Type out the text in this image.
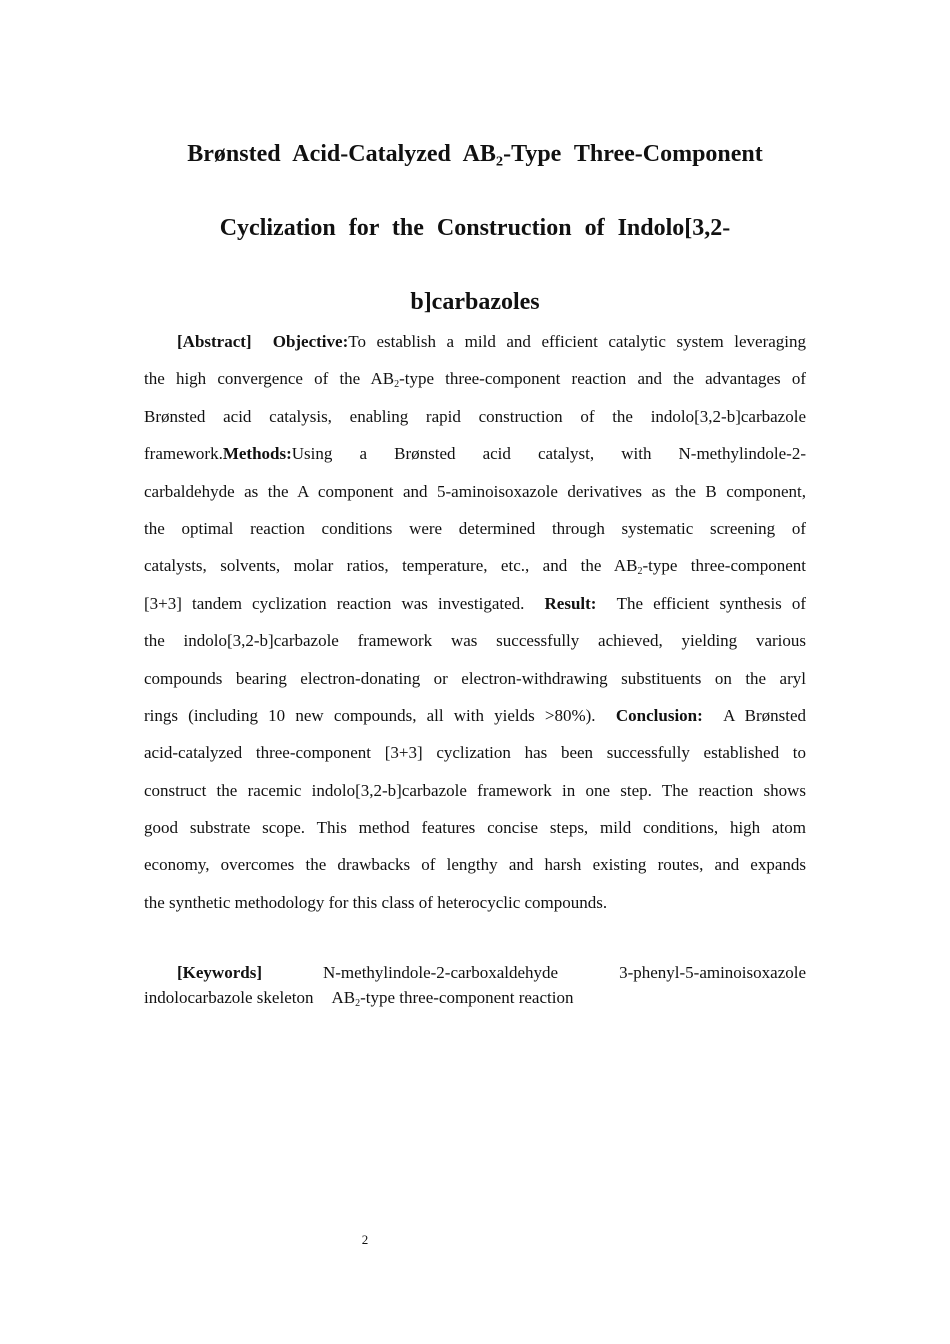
Brønsted Acid-Catalyzed AB₂-Type Three-Component
Cyclization for the Construction of Indolo[3,2-
b]carbazoles
[Abstract] Objective:To establish a mild and efficient catalytic system leveraging
the high convergence of the $AB_2$-type three-component reaction and the advantages of
Brønsted acid catalysis, enabling rapid construction of the indolo[3,2-b]carbazole
framework.Methods:Using a Brønsted acid catalyst, with N-methylindole-2-
carbaldehyde as the A component and 5-aminoisoxazole derivatives as the B component,
the optimal reaction conditions were determined through systematic screening of
catalysts, solvents, molar ratios, temperature, etc., and the $AB_2$-type three-component
[3+3] tandem cyclization reaction was investigated. Result: The efficient synthesis of
the indolo[3,2-b]carbazole framework was successfully achieved, yielding various
compounds bearing electron-donating or electron-withdrawing substituents on the aryl
rings (including 10 new compounds, all with yields >80%). Conclusion: A Brønsted
acid-catalyzed three-component [3+3] cyclization has been successfully established to
construct the racemic indolo[3,2-b]carbazole framework in one step. The reaction shows
good substrate scope. This method features concise steps, mild conditions, high atom
economy, overcomes the drawbacks of lengthy and harsh existing routes, and expands
the synthetic methodology for this class of heterocyclic compounds.
[Keywords]	N-methylindole-2-carboxaldehyde	3-phenyl-5-aminoisoxazole
indolocarbazole skeleton $AB_2$-type three-component reaction
2
